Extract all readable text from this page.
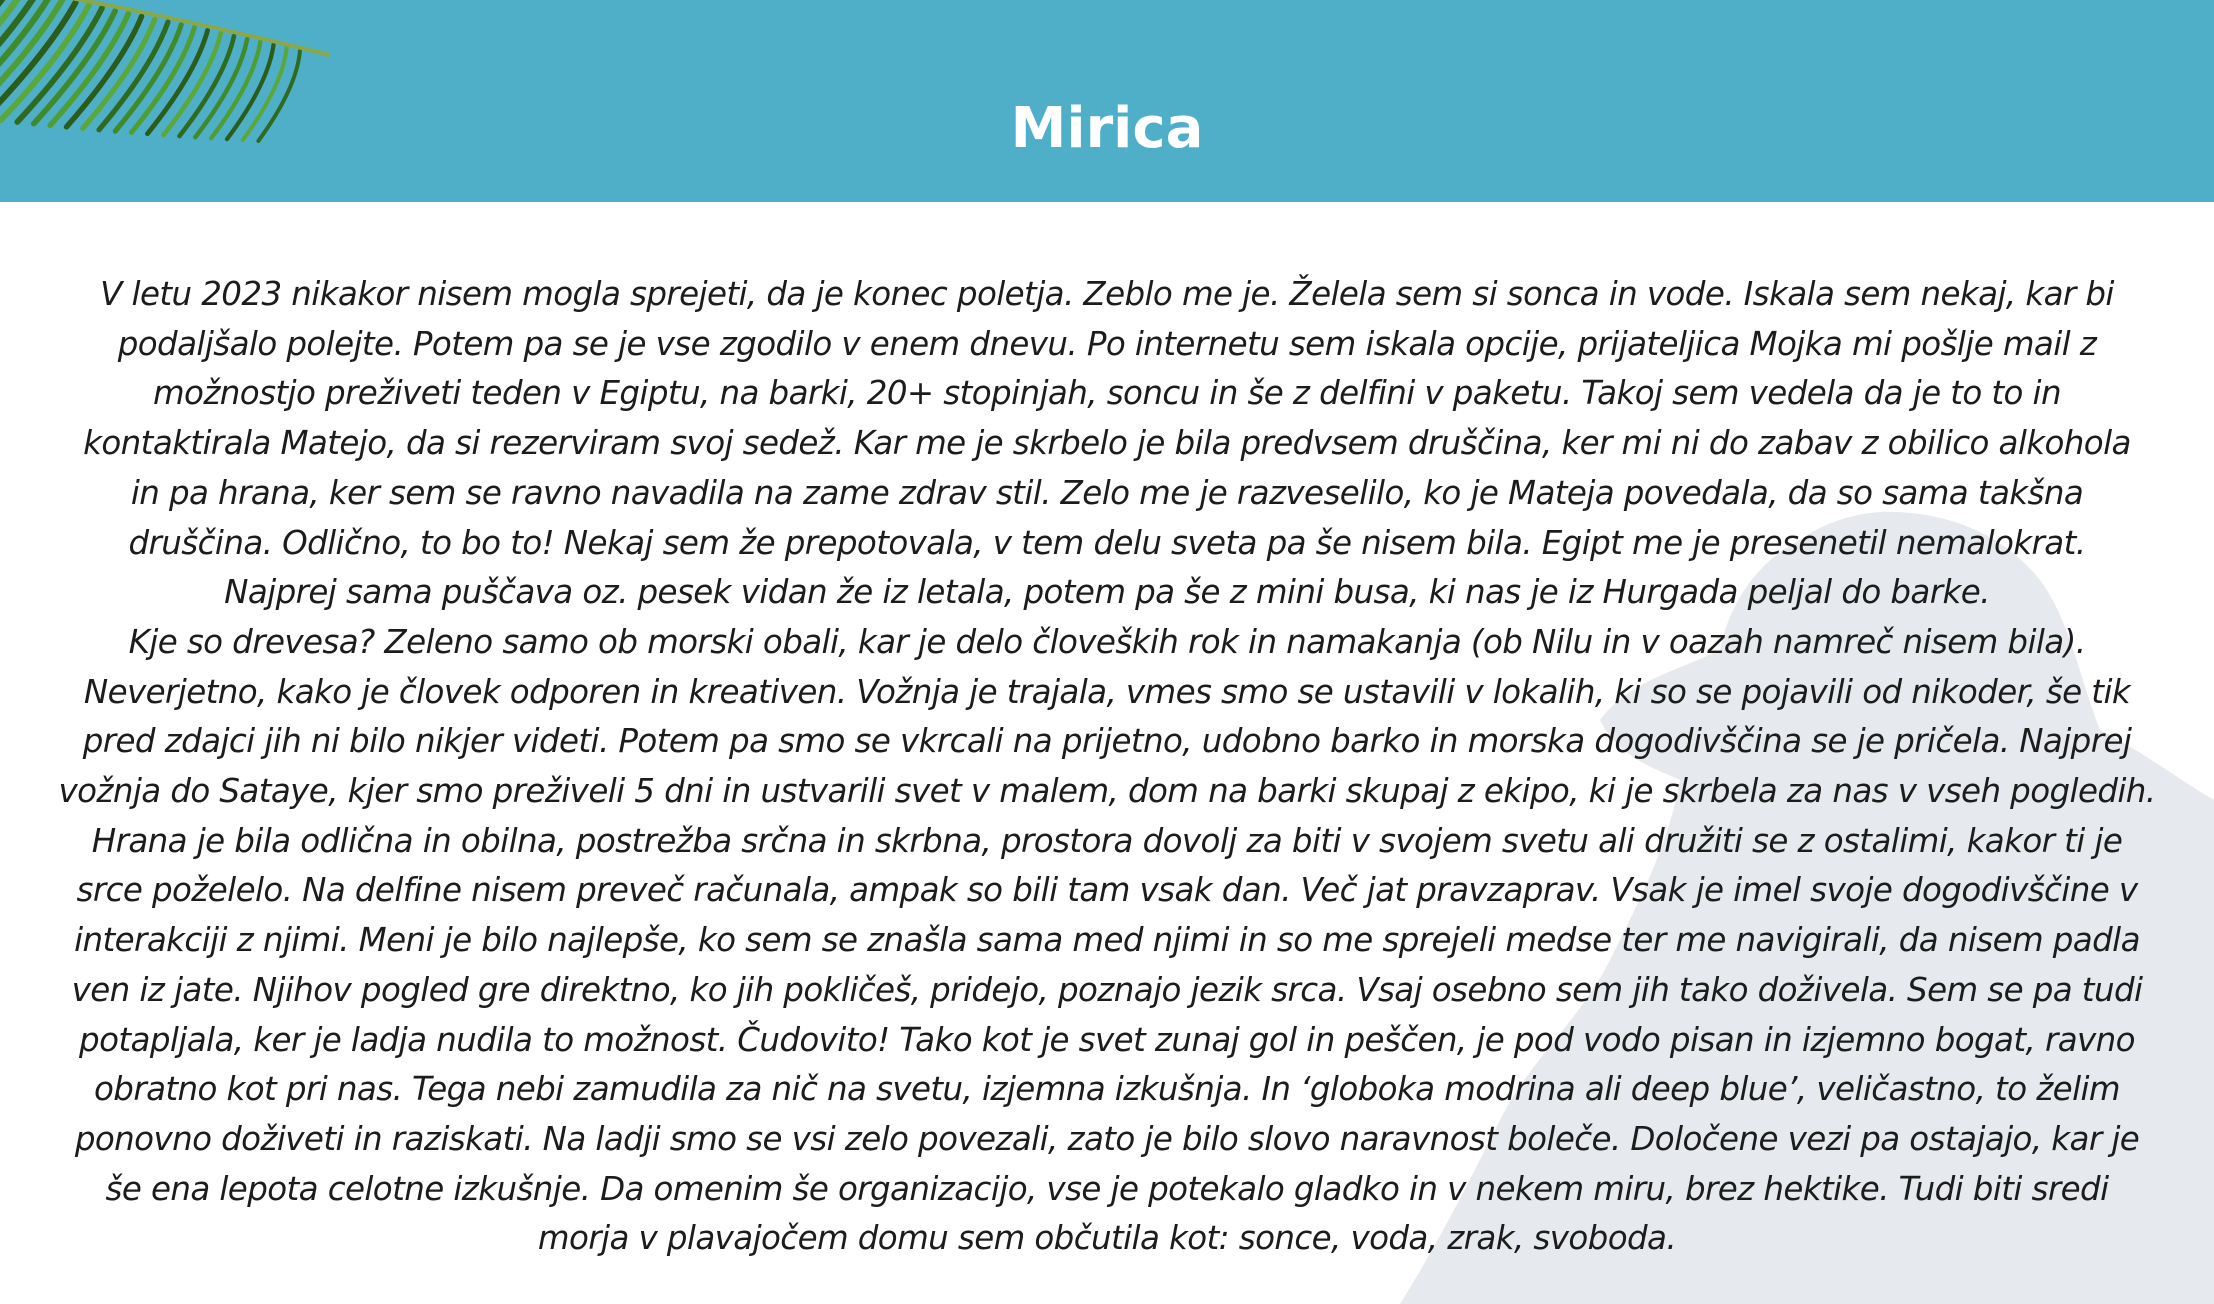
Mirica
V letu 2023 nikakor nisem mogla sprejeti, da je konec poletja. Zeblo me je. Želela sem si sonca in vode. Iskala sem nekaj, kar bi
podaljšalo polejte. Potem pa se je vse zgodilo v enem dnevu. Po internetu sem iskala opcije, prijateljica Mojka mi pošlje mail z
možnostjo preživeti teden v Egiptu, na barki, 20+ stopinjah, soncu in še z delfini v paketu. Takoj sem vedela da je to to in
kontaktirala Matejo, da si rezerviram svoj sedež. Kar me je skrbelo je bila predvsem druščina, ker mi ni do zabav z obilico alkohola
in pa hrana, ker sem se ravno navadila na zame zdrav stil. Zelo me je razveselilo, ko je Mateja povedala, da so sama takšna
druščina. Odlično, to bo to! Nekaj sem že prepotovala, v tem delu sveta pa še nisem bila. Egipt me je presenetil nemalokrat.
Najprej sama puščava oz. pesek vidan že iz letala, potem pa še z mini busa, ki nas je iz Hurgada peljal do barke.
Kje so drevesa? Zeleno samo ob morski obali, kar je delo človeških rok in namakanja (ob Nilu in v oazah namreč nisem bila).
Neverjetno, kako je človek odporen in kreativen. Vožnja je trajala, vmes smo se ustavili v lokalih, ki so se pojavili od nikoder, še tik
pred zdajci jih ni bilo nikjer videti. Potem pa smo se vkrcali na prijetno, udobno barko in morska dogodivščina se je pričela. Najprej
vožnja do Sataye, kjer smo preživeli 5 dni in ustvarili svet v malem, dom na barki skupaj z ekipo, ki je skrbela za nas v vseh pogledih.
Hrana je bila odlična in obilna, postrežba srčna in skrbna, prostora dovolj za biti v svojem svetu ali družiti se z ostalimi, kakor ti je
srce poželelo. Na delfine nisem preveč računala, ampak so bili tam vsak dan. Več jat pravzaprav. Vsak je imel svoje dogodivščine v
interakciji z njimi. Meni je bilo najlepše, ko sem se znašla sama med njimi in so me sprejeli medse ter me navigirali, da nisem padla
ven iz jate. Njihov pogled gre direktno, ko jih pokličeš, pridejo, poznajo jezik srca. Vsaj osebno sem jih tako doživela. Sem se pa tudi
potapljala, ker je ladja nudila to možnost. Čudovito! Tako kot je svet zunaj gol in peščen, je pod vodo pisan in izjemno bogat, ravno
obratno kot pri nas. Tega nebi zamudila za nič na svetu, izjemna izkušnja. In ‘globoka modrina ali deep blue’, veličastno, to želim
ponovno doživeti in raziskati. Na ladji smo se vsi zelo povezali, zato je bilo slovo naravnost boleče. Določene vezi pa ostajajo, kar je
še ena lepota celotne izkušnje. Da omenim še organizacijo, vse je potekalo gladko in v nekem miru, brez hektike. Tudi biti sredi
morja v plavajočem domu sem občutila kot: sonce, voda, zrak, svoboda.
